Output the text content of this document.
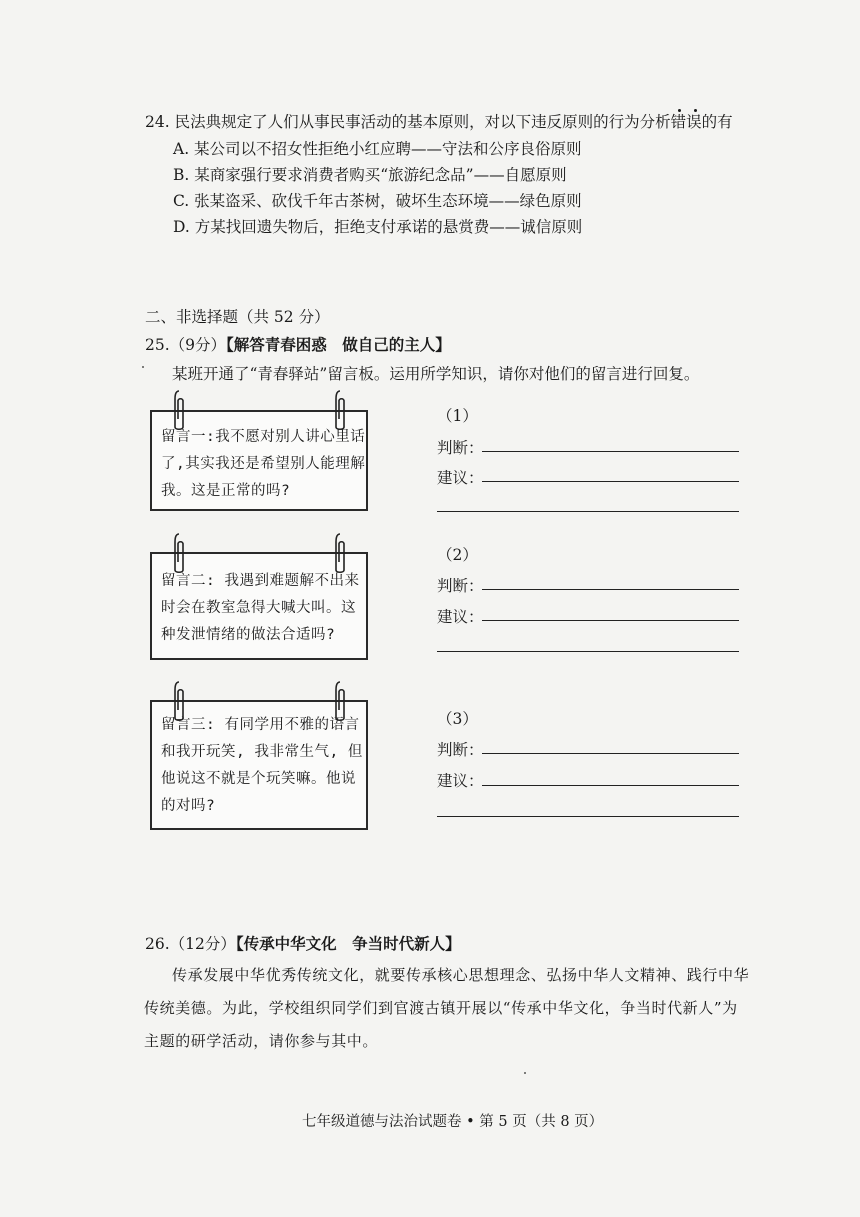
24. 民法典规定了人们从事民事活动的基本原则，对以下违反原则的行为分析错误的有
A. 某公司以不招女性拒绝小红应聘——守法和公序良俗原则
B. 某商家强行要求消费者购买“旅游纪念品”——自愿原则
C. 张某盗采、砍伐千年古茶树，破坏生态环境——绿色原则
D. 方某找回遗失物后，拒绝支付承诺的悬赏费——诚信原则
二、非选择题（共 52 分）
25.（9分）【解答青春困惑　做自己的主人】
某班开通了“青春驿站”留言板。运用所学知识，请你对他们的留言进行回复。
留言一:我不愿对别人讲心里话了,其实我还是希望别人能理解我。这是正常的吗?
留言二: 我遇到难题解不出来时会在教室急得大喊大叫。这种发泄情绪的做法合适吗?
留言三: 有同学用不雅的语言和我开玩笑, 我非常生气, 但他说这不就是个玩笑嘛。他说的对吗?
（1）
判断：
建议：
（2）
判断：
建议：
（3）
判断：
建议：
26.（12分）【传承中华文化　争当时代新人】
传承发展中华优秀传统文化，就要传承核心思想理念、弘扬中华人文精神、践行中华
传统美德。为此，学校组织同学们到官渡古镇开展以“传承中华文化，争当时代新人”为
主题的研学活动，请你参与其中。
七年级道德与法治试题卷 • 第 5 页（共 8 页）
